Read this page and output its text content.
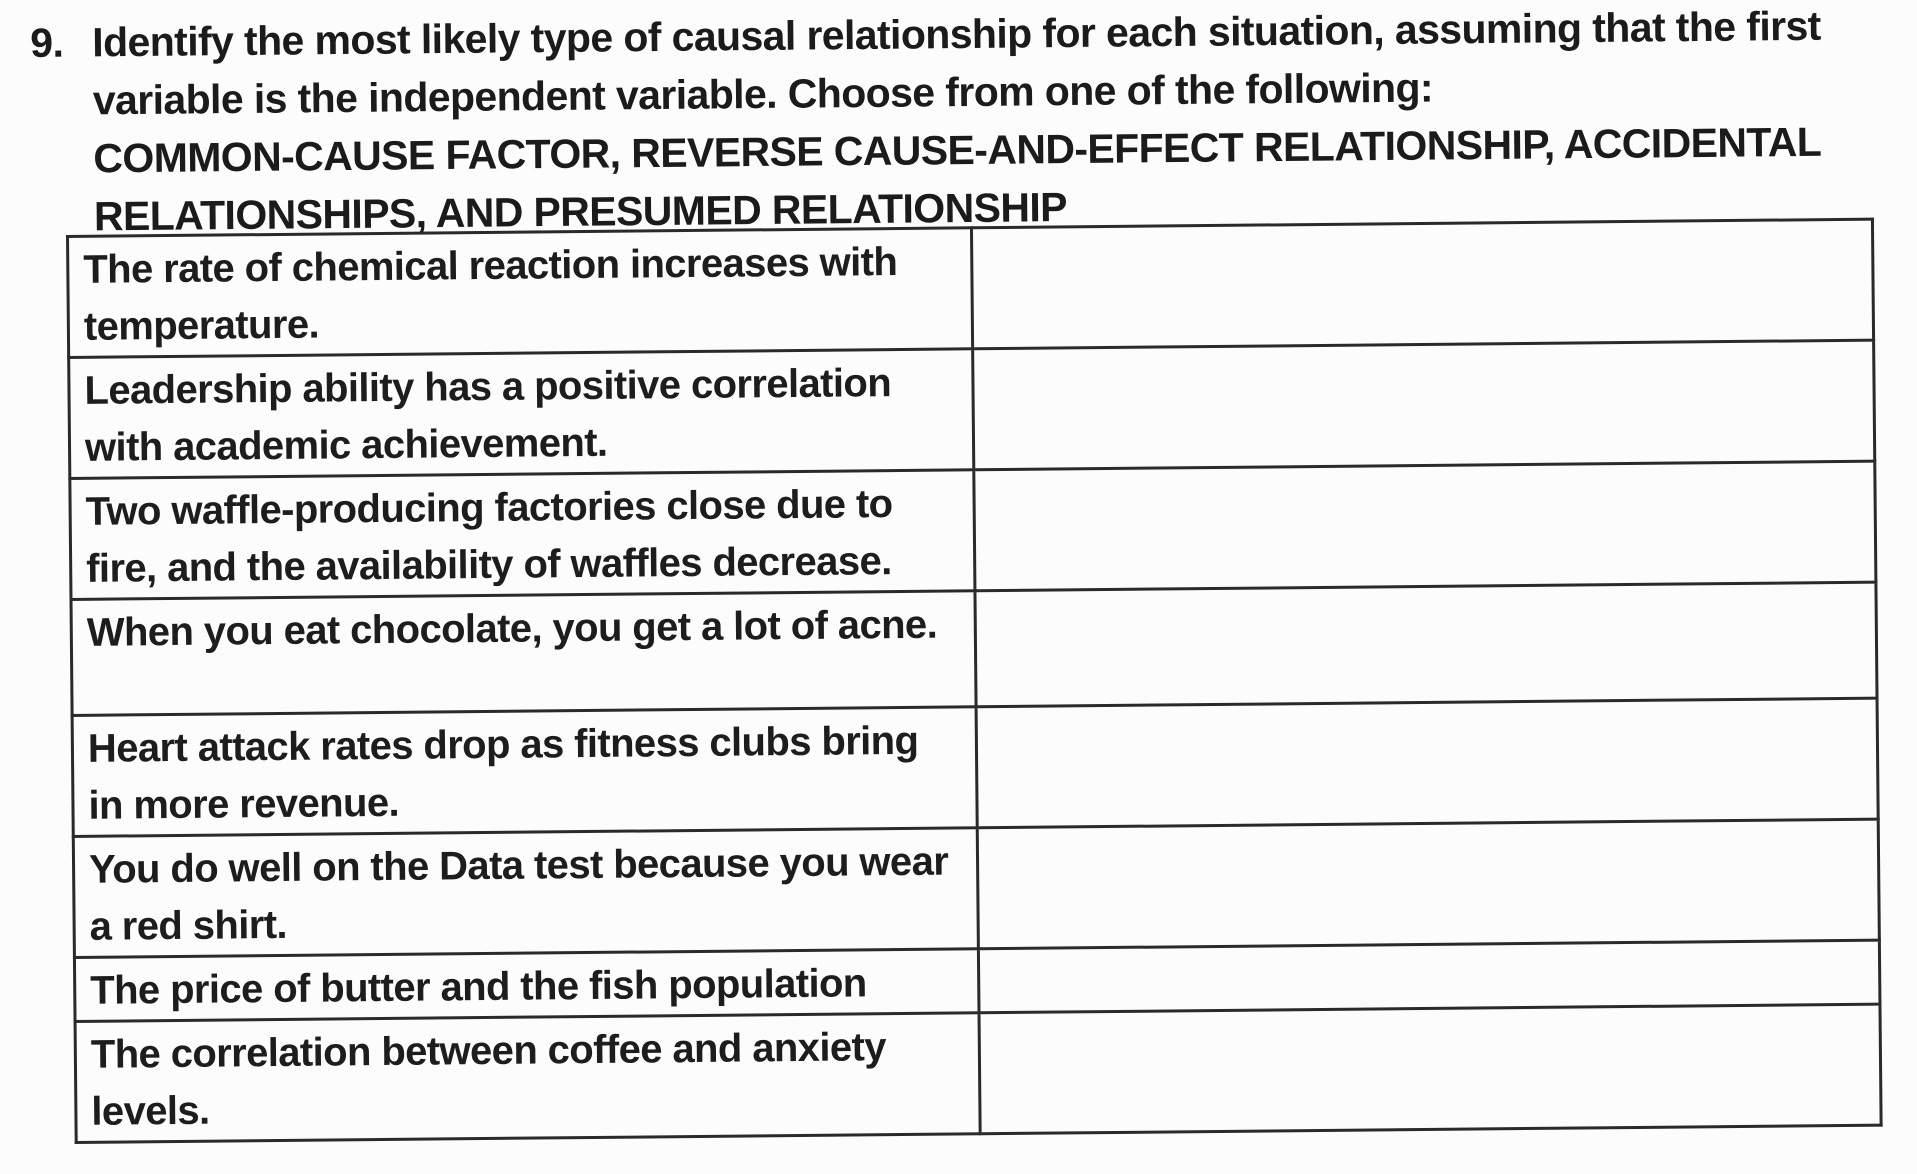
9. Identify the most likely type of causal relationship for each situation, assuming that the first
variable is the independent variable. Choose from one of the following:
COMMON-CAUSE FACTOR, REVERSE CAUSE-AND-EFFECT RELATIONSHIP, ACCIDENTAL
RELATIONSHIPS, AND PRESUMED RELATIONSHIP
The rate of chemical reaction increases with temperature.	
Leadership ability has a positive correlation with academic achievement.	
Two waffle-producing factories close due to fire, and the availability of waffles decrease.	
When you eat chocolate, you get a lot of acne.	
Heart attack rates drop as fitness clubs bring in more revenue.	
You do well on the Data test because you wear a red shirt.	
The price of butter and the fish population	
The correlation between coffee and anxiety levels.	
